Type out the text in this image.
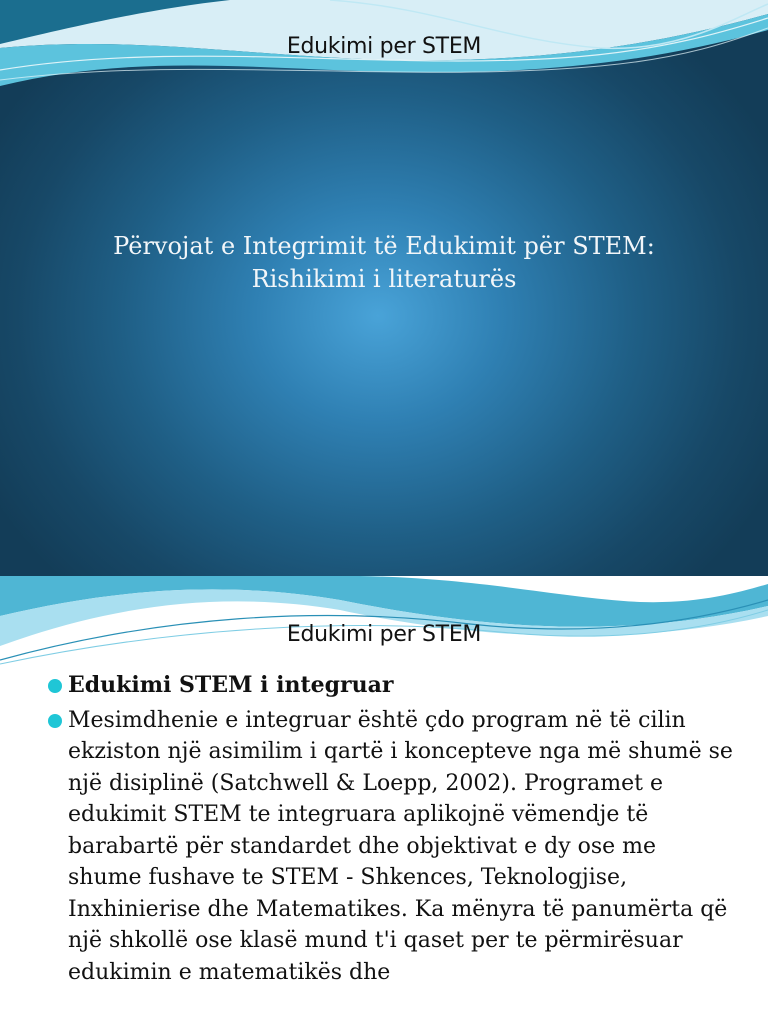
Edukimi per STEM
Përvojat e Integrimit të Edukimit për STEM:
Rishikimi i literaturës
Edukimi per STEM
Edukimi STEM i integruar
Mesimdhenie e integruar është çdo program në të cilin ekziston një asimilim i qartë i koncepteve nga më shumë se një disiplinë (Satchwell & Loepp, 2002). Programet e edukimit STEM te integruara aplikojnë vëmendje të barabartë për standardet dhe objektivat e dy ose me shume fushave te STEM - Shkences, Teknologjise, Inxhinierise dhe Matematikes. Ka mënyra të panumërta që një shkollë ose klasë mund t'i qaset per te përmirësuar edukimin e matematikës dhe
